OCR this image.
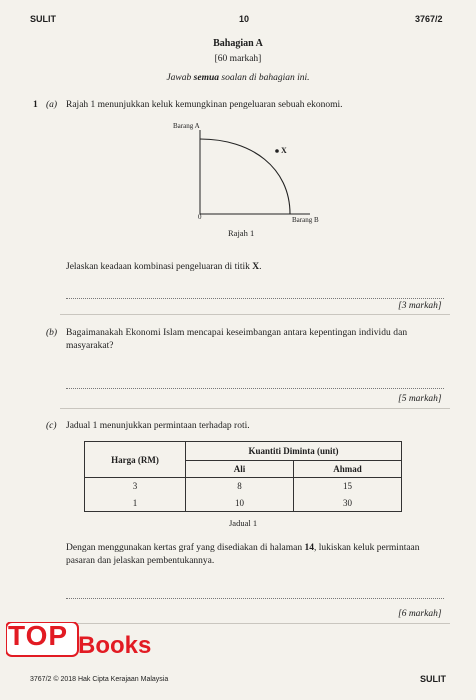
SULIT	10	3767/2
Bahagian A
[60 markah]
Jawab semua soalan di bahagian ini.
1 (a) Rajah 1 menunjukkan keluk kemungkinan pengeluaran sebuah ekonomi.
Barang A
Barang B
0
X
Rajah 1
Jelaskan keadaan kombinasi pengeluaran di titik X.
[3 markah]
(b) Bagaimanakah Ekonomi Islam mencapai keseimbangan antara kepentingan individu dan
masyarakat?
[5 markah]
(c) Jadual 1 menunjukkan permintaan terhadap roti.
Harga (RM)	Kuantiti Diminta (unit)	
	Ali	Ahmad
3	8	15
1	10	30
Jadual 1
Dengan menggunakan kertas graf yang disediakan di halaman 14, lukiskan keluk permintaan
pasaran dan jelaskan pembentukannya.
[6 markah]
TOP Books
3767/2 © 2018 Hak Cipta Kerajaan Malaysia	SULIT
